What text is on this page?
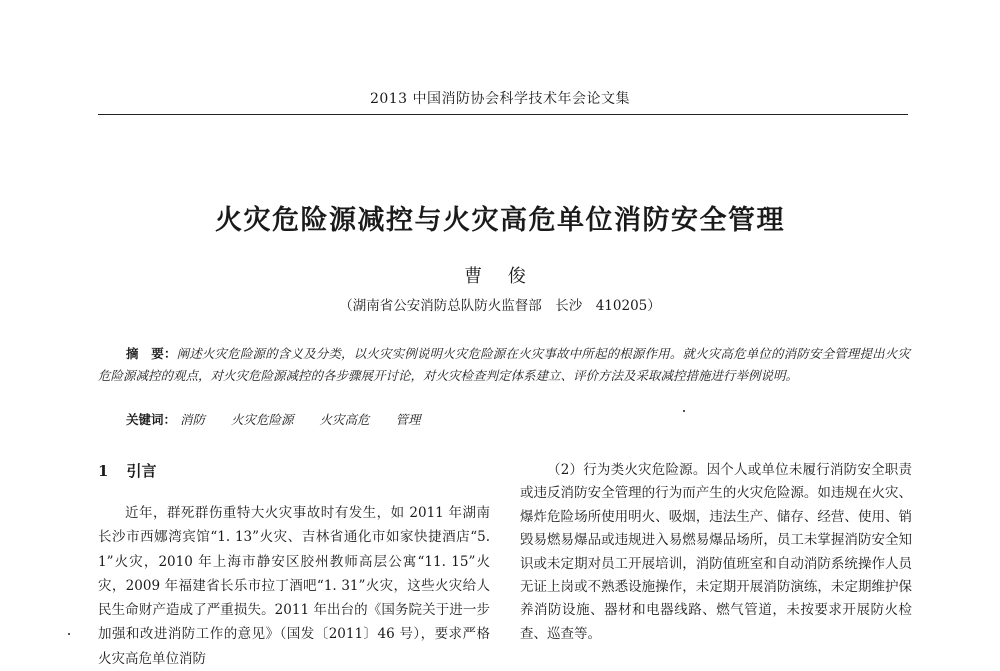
2013 中国消防协会科学技术年会论文集
火灾危险源减控与火灾高危单位消防安全管理
曹 俊
（湖南省公安消防总队防火监督部　长沙　410205）
摘　要：阐述火灾危险源的含义及分类，以火灾实例说明火灾危险源在火灾事故中所起的根源作用。就火灾高危单位的消防安全管理提出火灾危险源减控的观点，对火灾危险源减控的各步骤展开讨论，对火灾检查判定体系建立、评价方法及采取减控措施进行举例说明。
关键词： 消防 火灾危险源 火灾高危 管理
1 引言

近年，群死群伤重特大火灾事故时有发生，如 2011 年湖南长沙市西娜湾宾馆“1. 13”火灾、吉林省通化市如家快捷酒店“5. 1”火灾，2010 年上海市静安区胶州教师高层公寓“11. 15”火灾，2009 年福建省长乐市拉丁酒吧“1. 31”火灾，这些火灾给人民生命财产造成了严重损失。2011 年出台的《国务院关于进一步加强和改进消防工作的意见》（国发〔2011〕46 号），要求严格火灾高危单位消防

（2）行为类火灾危险源。因个人或单位未履行消防安全职责或违反消防安全管理的行为而产生的火灾危险源。如违规在火灾、爆炸危险场所使用明火、吸烟，违法生产、储存、经营、使用、销毁易燃易爆品或违规进入易燃易爆品场所，员工未掌握消防安全知识或未定期对员工开展培训，消防值班室和自动消防系统操作人员无证上岗或不熟悉设施操作，未定期开展消防演练，未定期维护保养消防设施、器材和电器线路、燃气管道，未按要求开展防火检查、巡查等。
